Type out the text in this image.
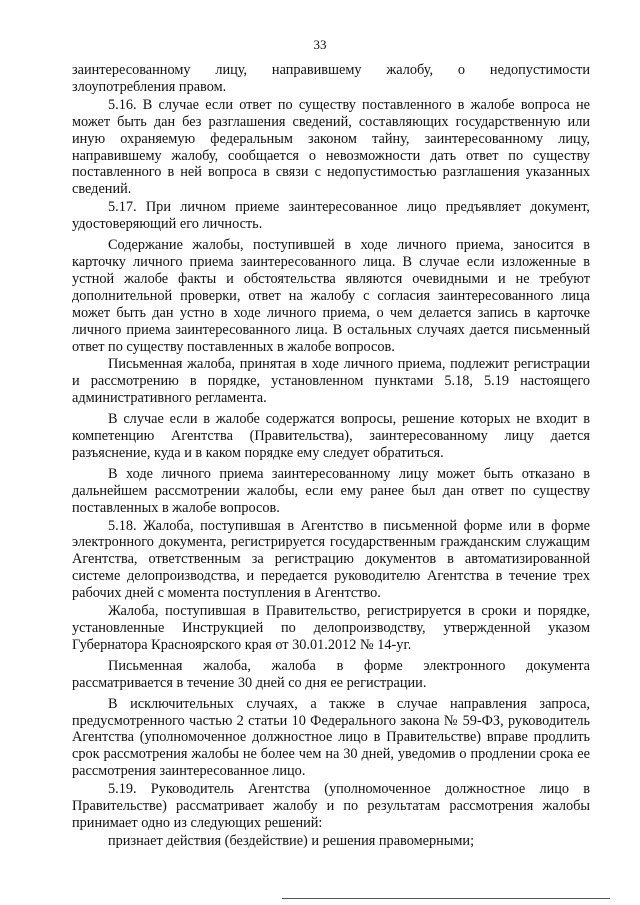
33

заинтересованному лицу, направившему жалобу, о недопустимости злоупотребления правом.

5.16. В случае если ответ по существу поставленного в жалобе вопроса не может быть дан без разглашения сведений, составляющих государственную или иную охраняемую федеральным законом тайну, заинтересованному лицу, направившему жалобу, сообщается о невозможности дать ответ по существу поставленного в ней вопроса в связи с недопустимостью разглашения указанных сведений.

5.17. При личном приеме заинтересованное лицо предъявляет документ, удостоверяющий его личность.

Содержание жалобы, поступившей в ходе личного приема, заносится в карточку личного приема заинтересованного лица. В случае если изложенные в устной жалобе факты и обстоятельства являются очевидными и не требуют дополнительной проверки, ответ на жалобу с согласия заинтересованного лица может быть дан устно в ходе личного приема, о чем делается запись в карточке личного приема заинтересованного лица. В остальных случаях дается письменный ответ по существу поставленных в жалобе вопросов.

Письменная жалоба, принятая в ходе личного приема, подлежит регистрации и рассмотрению в порядке, установленном пунктами 5.18, 5.19 настоящего административного регламента.

В случае если в жалобе содержатся вопросы, решение которых не входит в компетенцию Агентства (Правительства), заинтересованному лицу дается разъяснение, куда и в каком порядке ему следует обратиться.

В ходе личного приема заинтересованному лицу может быть отказано в дальнейшем рассмотрении жалобы, если ему ранее был дан ответ по существу поставленных в жалобе вопросов.

5.18. Жалоба, поступившая в Агентство в письменной форме или в форме электронного документа, регистрируется государственным гражданским служащим Агентства, ответственным за регистрацию документов в автоматизированной системе делопроизводства, и передается руководителю Агентства в течение трех рабочих дней с момента поступления в Агентство.

Жалоба, поступившая в Правительство, регистрируется в сроки и порядке, установленные Инструкцией по делопроизводству, утвержденной указом Губернатора Красноярского края от 30.01.2012 № 14-уг.

Письменная жалоба, жалоба в форме электронного документа рассматривается в течение 30 дней со дня ее регистрации.

В исключительных случаях, а также в случае направления запроса, предусмотренного частью 2 статьи 10 Федерального закона № 59-ФЗ, руководитель Агентства (уполномоченное должностное лицо в Правительстве) вправе продлить срок рассмотрения жалобы не более чем на 30 дней, уведомив о продлении срока ее рассмотрения заинтересованное лицо.

5.19. Руководитель Агентства (уполномоченное должностное лицо в Правительстве) рассматривает жалобу и по результатам рассмотрения жалобы принимает одно из следующих решений:

признает действия (бездействие) и решения правомерными;
